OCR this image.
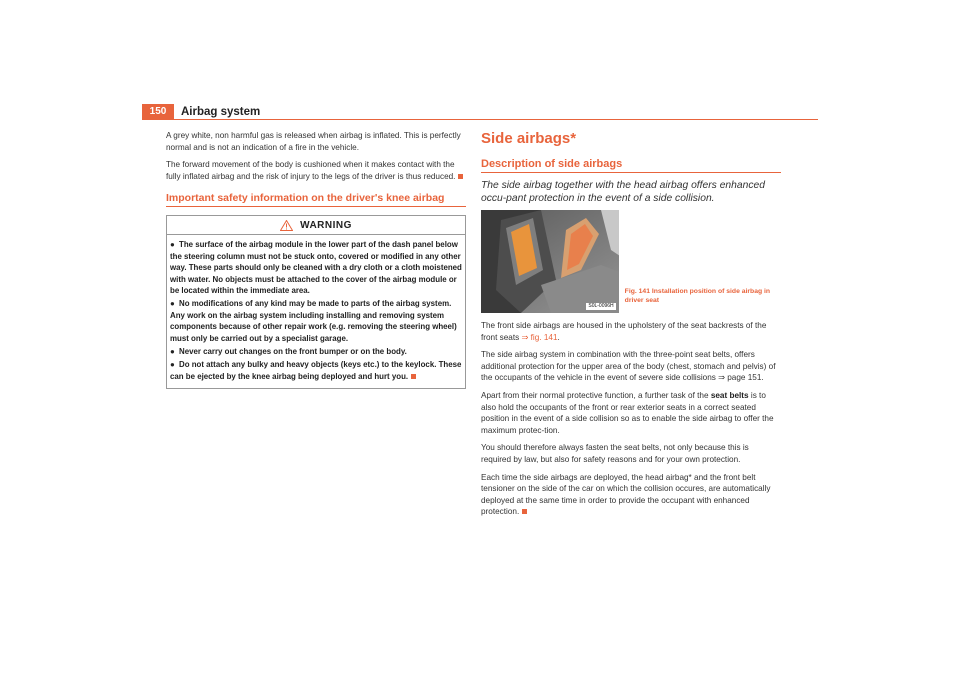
150	Airbag system

A grey white, non harmful gas is released when airbag is inflated. This is perfectly normal and is not an indication of a fire in the vehicle.

The forward movement of the body is cushioned when it makes contact with the fully inflated airbag and the risk of injury to the legs of the driver is thus reduced.

Important safety information on the driver's knee airbag
WARNING
● The surface of the airbag module in the lower part of the dash panel below the steering column must not be stuck onto, covered or modified in any other way. These parts should only be cleaned with a dry cloth or a cloth moistened with water. No objects must be attached to the cover of the airbag module or be located within the immediate area.
● No modifications of any kind may be made to parts of the airbag system. Any work on the airbag system including installing and removing system components because of other repair work (e.g. removing the steering wheel) must only be carried out by a specialist garage.
● Never carry out changes on the front bumper or on the body.
● Do not attach any bulky and heavy objects (keys etc.) to the keylock. These can be ejected by the knee airbag being deployed and hurt you.
Side airbags*
Description of side airbags
The side airbag together with the head airbag offers enhanced occu-pant protection in the event of a side collision.
S0L-0096H
Fig. 141 Installation position of side airbag in driver seat

The front side airbags are housed in the upholstery of the seat backrests of the front seats ⇒ fig. 141.

The side airbag system in combination with the three-point seat belts, offers additional protection for the upper area of the body (chest, stomach and pelvis) of the occupants of the vehicle in the event of severe side collisions ⇒ page 151.

Apart from their normal protective function, a further task of the seat belts is to also hold the occupants of the front or rear exterior seats in a correct seated position in the event of a side collision so as to enable the side airbag to offer the maximum protec-tion.

You should therefore always fasten the seat belts, not only because this is required by law, but also for safety reasons and for your own protection.

Each time the side airbags are deployed, the head airbag* and the front belt tensioner on the side of the car on which the collision occures, are automatically deployed at the same time in order to provide the occupant with enhanced protection.
